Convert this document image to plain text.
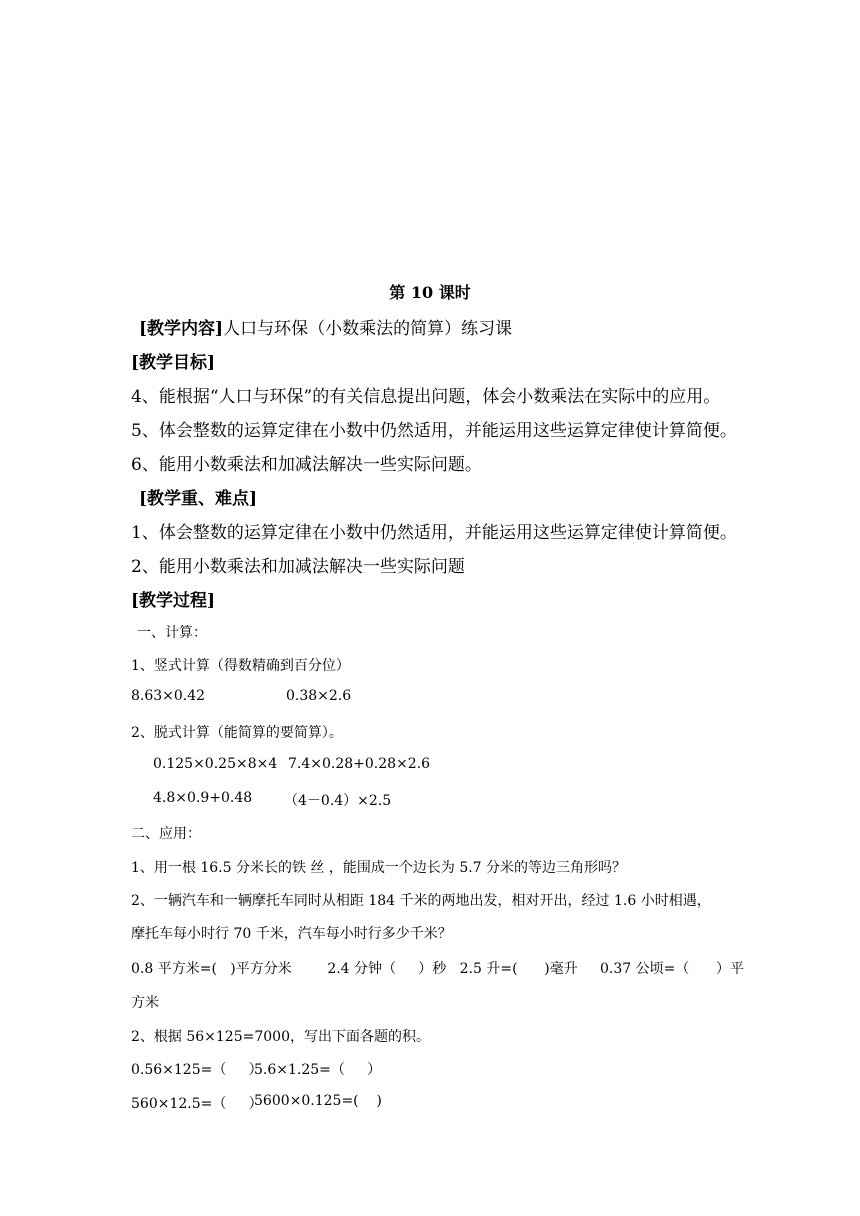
第 10 课时
[教学内容]人口与环保（小数乘法的简算）练习课
[教学目标]
4、能根据“人口与环保”的有关信息提出问题，体会小数乘法在实际中的应用。
5、体会整数的运算定律在小数中仍然适用，并能运用这些运算定律使计算简便。
6、能用小数乘法和加减法解决一些实际问题。
[教学重、难点]
1、体会整数的运算定律在小数中仍然适用，并能运用这些运算定律使计算简便。
2、能用小数乘法和加减法解决一些实际问题
[教学过程]
一、计算：
1、竖式计算（得数精确到百分位）
8.63×0.42	0.38×2.6
2、脱式计算（能简算的要简算）。
0.125×0.25×8×4 7.4×0.28+0.28×2.6
4.8×0.9+0.48 （4－0.4）×2.5
二、应用：
1、用一根 16.5 分米长的铁 丝 ，能围成一个边长为 5.7 分米的等边三角形吗？
2、一辆汽车和一辆摩托车同时从相距 184 千米的两地出发，相对开出，经过 1.6 小时相遇，
摩托车每小时行 70 千米，汽车每小时行多少千米？
0.8 平方米=(   )平方分米        2.4 分钟（     ）秒   2.5 升=(      )毫升     0.37 公顷=（      ）平
方米
2、根据 56×125=7000，写出下面各题的积。
0.56×125=（     ）
5.6×1.25=（     ）
560×12.5=（     ）
5600×0.125=(    )
